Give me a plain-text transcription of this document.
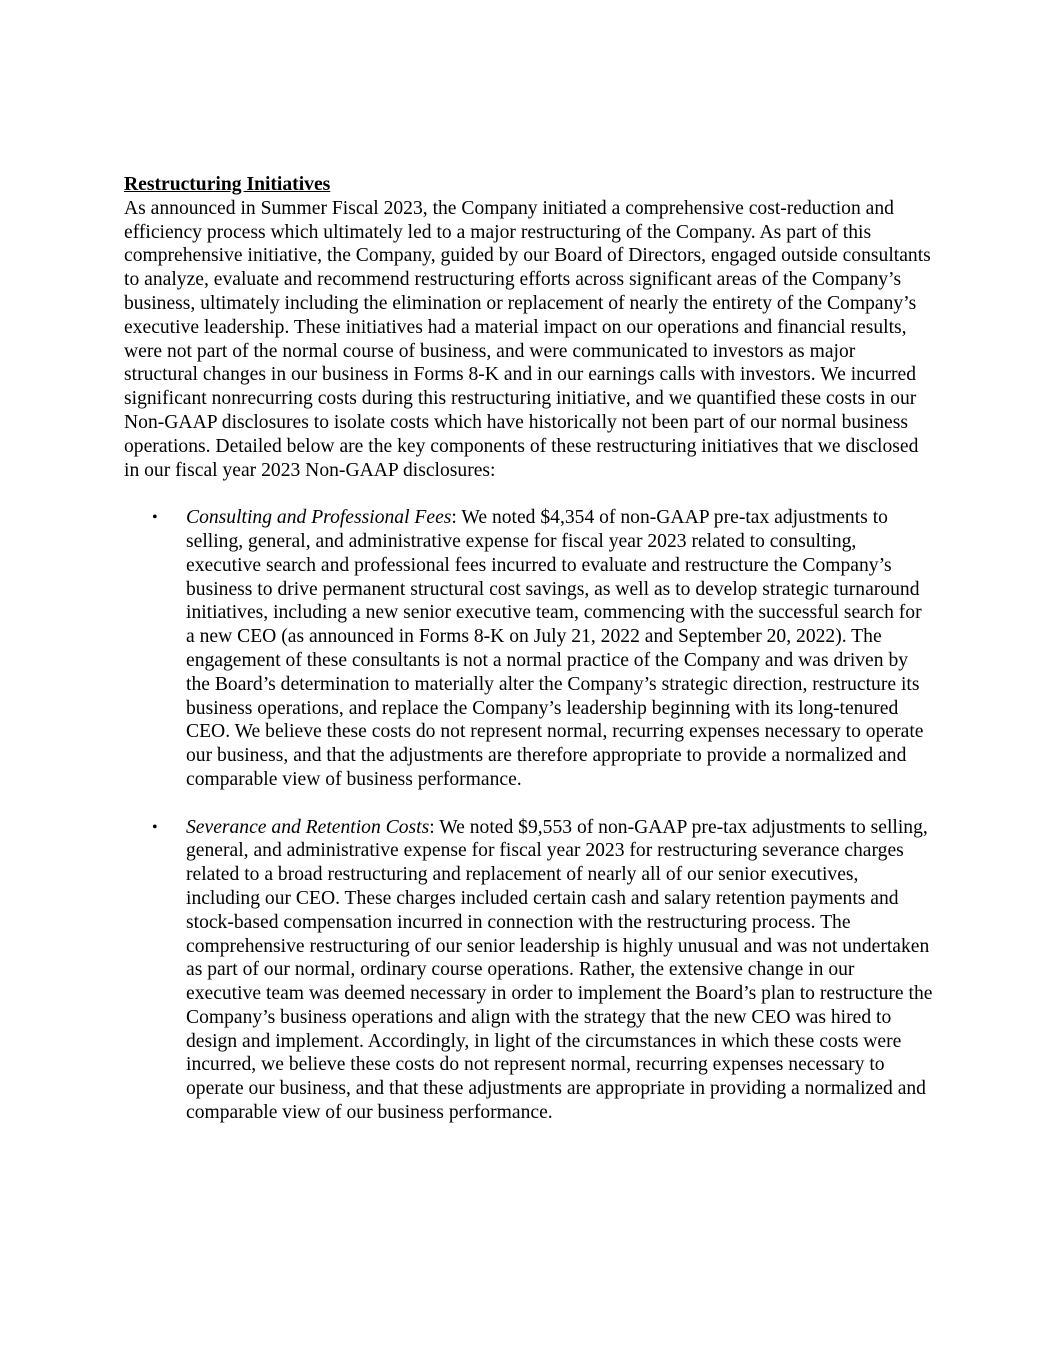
Restructuring Initiatives

As announced in Summer Fiscal 2023, the Company initiated a comprehensive cost-reduction and efficiency process which ultimately led to a major restructuring of the Company. As part of this comprehensive initiative, the Company, guided by our Board of Directors, engaged outside consultants to analyze, evaluate and recommend restructuring efforts across significant areas of the Company’s business, ultimately including the elimination or replacement of nearly the entirety of the Company’s executive leadership. These initiatives had a material impact on our operations and financial results, were not part of the normal course of business, and were communicated to investors as major structural changes in our business in Forms 8-K and in our earnings calls with investors. We incurred significant nonrecurring costs during this restructuring initiative, and we quantified these costs in our Non-GAAP disclosures to isolate costs which have historically not been part of our normal business operations. Detailed below are the key components of these restructuring initiatives that we disclosed in our fiscal year 2023 Non-GAAP disclosures:

• Consulting and Professional Fees: We noted $4,354 of non-GAAP pre-tax adjustments to selling, general, and administrative expense for fiscal year 2023 related to consulting, executive search and professional fees incurred to evaluate and restructure the Company’s business to drive permanent structural cost savings, as well as to develop strategic turnaround initiatives, including a new senior executive team, commencing with the successful search for a new CEO (as announced in Forms 8-K on July 21, 2022 and September 20, 2022). The engagement of these consultants is not a normal practice of the Company and was driven by the Board’s determination to materially alter the Company’s strategic direction, restructure its business operations, and replace the Company’s leadership beginning with its long-tenured CEO. We believe these costs do not represent normal, recurring expenses necessary to operate our business, and that the adjustments are therefore appropriate to provide a normalized and comparable view of business performance.
• Severance and Retention Costs: We noted $9,553 of non-GAAP pre-tax adjustments to selling, general, and administrative expense for fiscal year 2023 for restructuring severance charges related to a broad restructuring and replacement of nearly all of our senior executives, including our CEO. These charges included certain cash and salary retention payments and stock-based compensation incurred in connection with the restructuring process. The comprehensive restructuring of our senior leadership is highly unusual and was not undertaken as part of our normal, ordinary course operations. Rather, the extensive change in our executive team was deemed necessary in order to implement the Board’s plan to restructure the Company’s business operations and align with the strategy that the new CEO was hired to design and implement. Accordingly, in light of the circumstances in which these costs were incurred, we believe these costs do not represent normal, recurring expenses necessary to operate our business, and that these adjustments are appropriate in providing a normalized and comparable view of our business performance.
